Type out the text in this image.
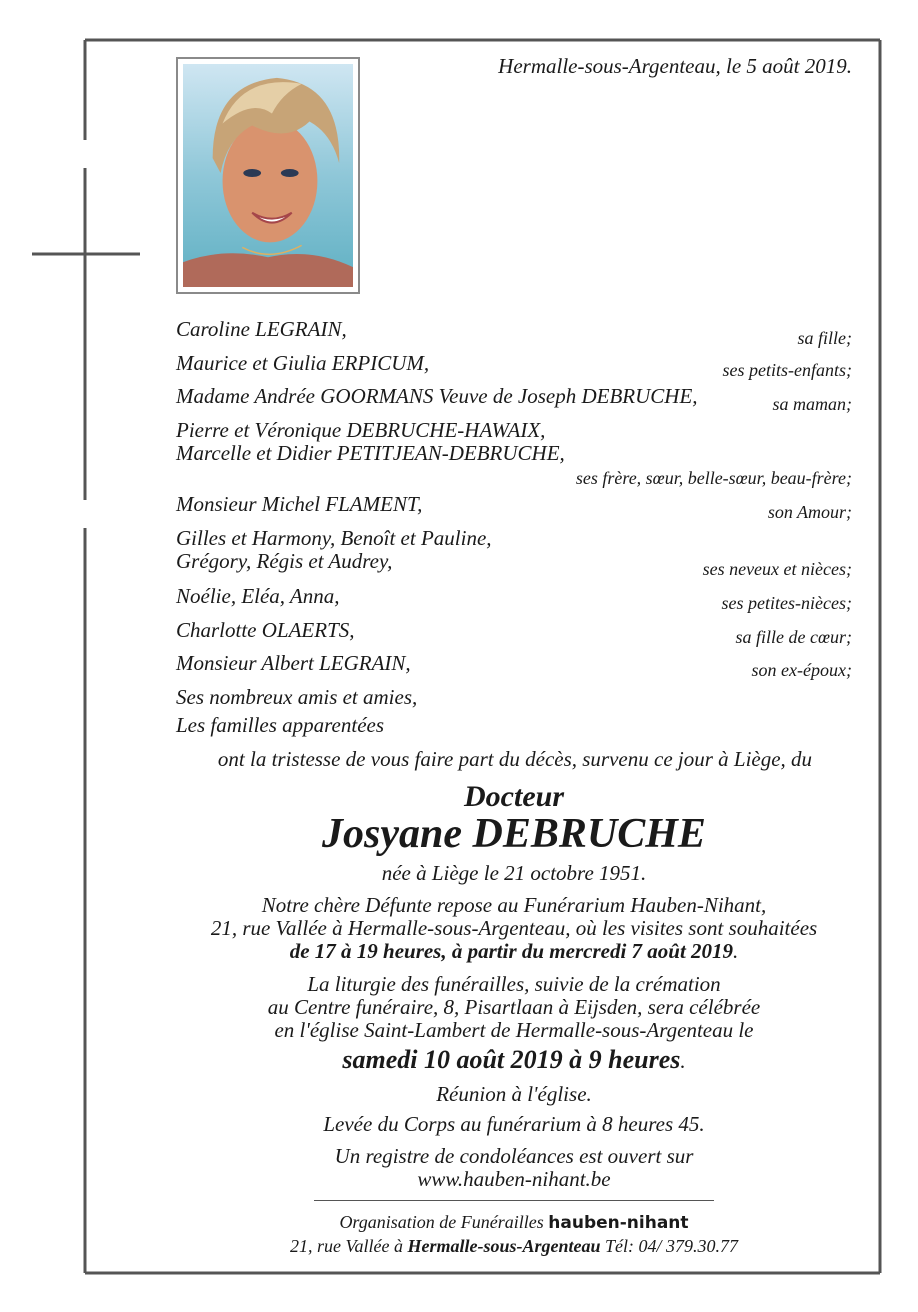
Hermalle-sous-Argenteau, le 5 août 2019.
Caroline LEGRAIN,	sa fille;
Maurice et Giulia ERPICUM,	ses petits-enfants;
Madame Andrée GOORMANS Veuve de Joseph DEBRUCHE,	sa maman;
Pierre et Véronique DEBRUCHE-HAWAIX,
Marcelle et Didier PETITJEAN-DEBRUCHE,
ses frère, sœur, belle-sœur, beau-frère;
Monsieur Michel FLAMENT,	son Amour;
Gilles et Harmony, Benoît et Pauline,
Grégory, Régis et Audrey,	ses neveux et nièces;
Noélie, Eléa, Anna,	ses petites-nièces;
Charlotte OLAERTS,	sa fille de cœur;
Monsieur Albert LEGRAIN,	son ex-époux;
Ses nombreux amis et amies,
Les familles apparentées
ont la tristesse de vous faire part du décès, survenu ce jour à Liège, du
Docteur
Josyane DEBRUCHE
née à Liège le 21 octobre 1951.
Notre chère Défunte repose au Funérarium Hauben-Nihant,
21, rue Vallée à Hermalle-sous-Argenteau, où les visites sont souhaitées
de 17 à 19 heures, à partir du mercredi 7 août 2019.
La liturgie des funérailles, suivie de la crémation
au Centre funéraire, 8, Pisartlaan à Eijsden, sera célébrée
en l'église Saint-Lambert de Hermalle-sous-Argenteau le
samedi 10 août 2019 à 9 heures.
Réunion à l'église.
Levée du Corps au funérarium à 8 heures 45.
Un registre de condoléances est ouvert sur
www.hauben-nihant.be
Organisation de Funérailles hauben-nihant
21, rue Vallée à Hermalle-sous-Argenteau Tél: 04/ 379.30.77
